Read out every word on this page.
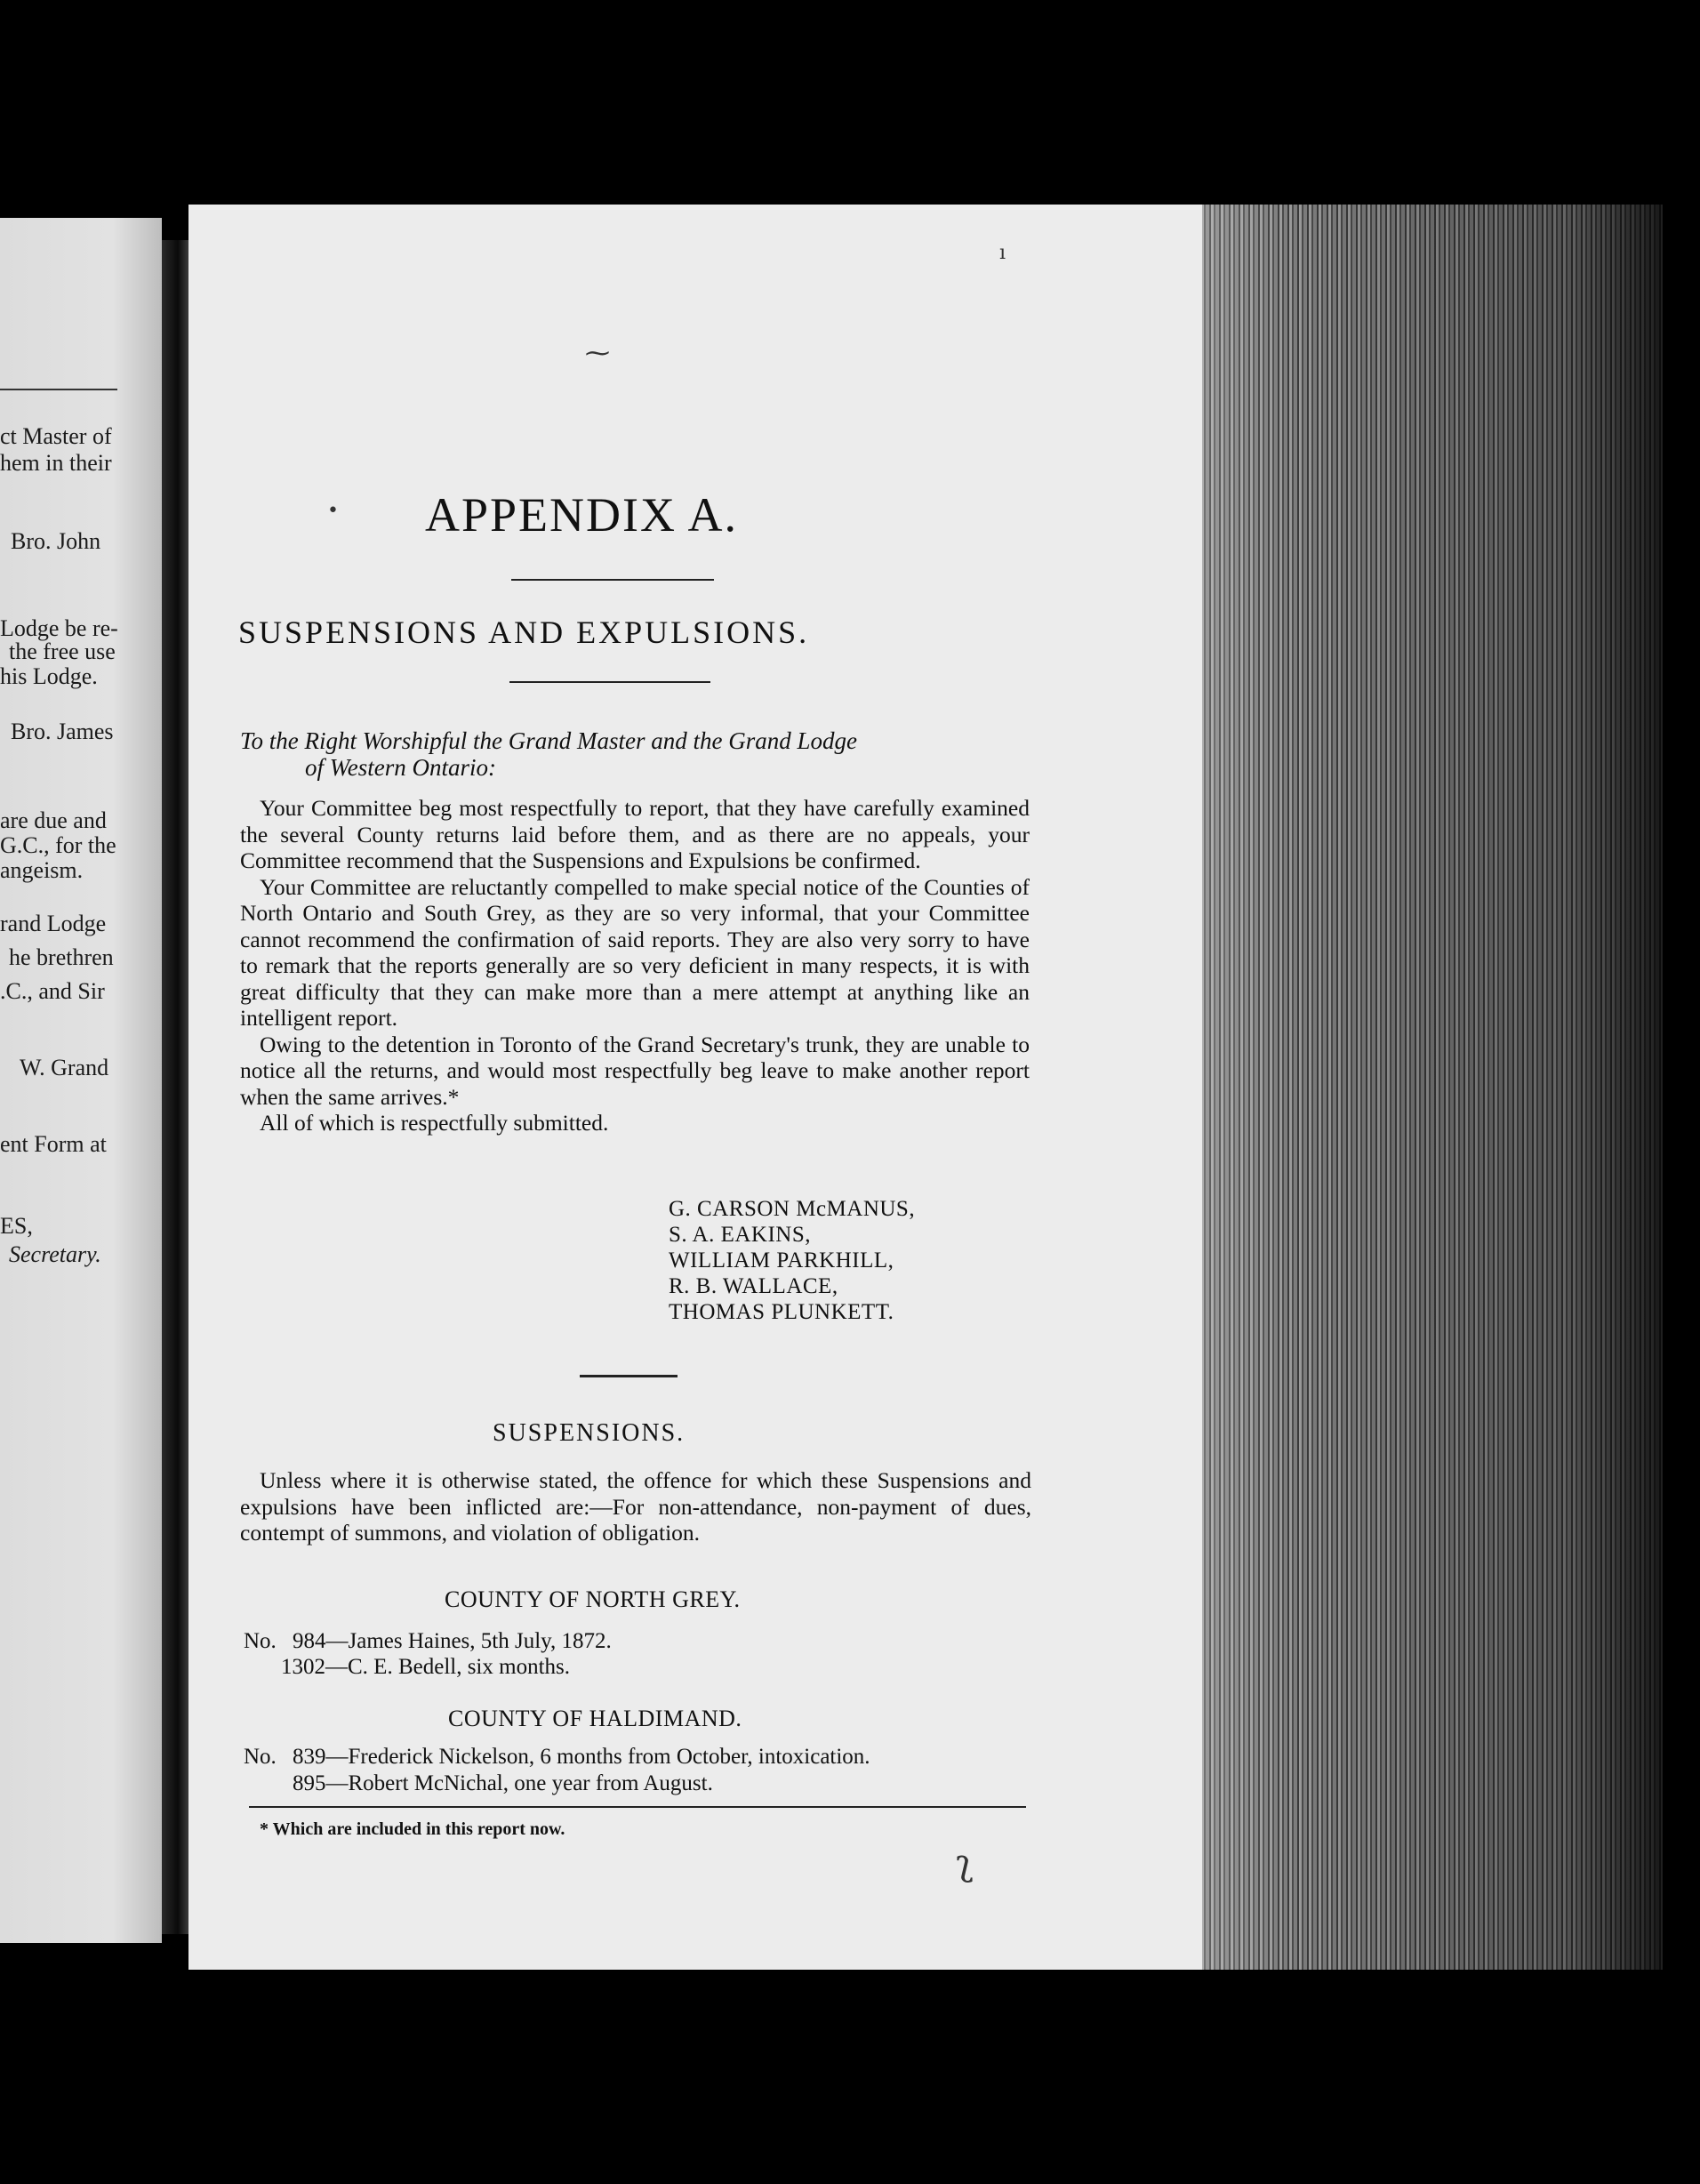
ct Master of
hem in their
Bro. John
Lodge be re-
the free use
his Lodge.
Bro. James
are due and
G.C., for the
angeism.
rand Lodge
he brethren
.C., and Sir
W. Grand
ent Form at
ES,
Secretary.
⁓
ı
• APPENDIX A.
SUSPENSIONS AND EXPULSIONS.
To the Right Worshipful the Grand Master and the Grand Lodge
of Western Ontario:

Your Committee beg most respectfully to report, that they have carefully examined the several County returns laid before them, and as there are no appeals, your Committee recommend that the Suspensions and Expulsions be confirmed.

Your Committee are reluctantly compelled to make special notice of the Counties of North Ontario and South Grey, as they are so very informal, that your Committee cannot recommend the confirmation of said reports. They are also very sorry to have to remark that the reports generally are so very deficient in many respects, it is with great difficulty that they can make more than a mere attempt at anything like an intelligent report.

Owing to the detention in Toronto of the Grand Secretary's trunk, they are unable to notice all the returns, and would most respectfully beg leave to make another report when the same arrives.*

All of which is respectfully submitted.

G. CARSON McMANUS,
S. A. EAKINS,
WILLIAM PARKHILL,
R. B. WALLACE,
THOMAS PLUNKETT.
SUSPENSIONS.

Unless where it is otherwise stated, the offence for which these Suspensions and expulsions have been inflicted are:—For non-attendance, non-payment of dues, contempt of summons, and violation of obligation.

COUNTY OF NORTH GREY.
No. 984—James Haines, 5th July, 1872.
1302—C. E. Bedell, six months.
COUNTY OF HALDIMAND.
No. 839—Frederick Nickelson, 6 months from October, intoxication.
895—Robert McNichal, one year from August.
* Which are included in this report now.
ʅ
